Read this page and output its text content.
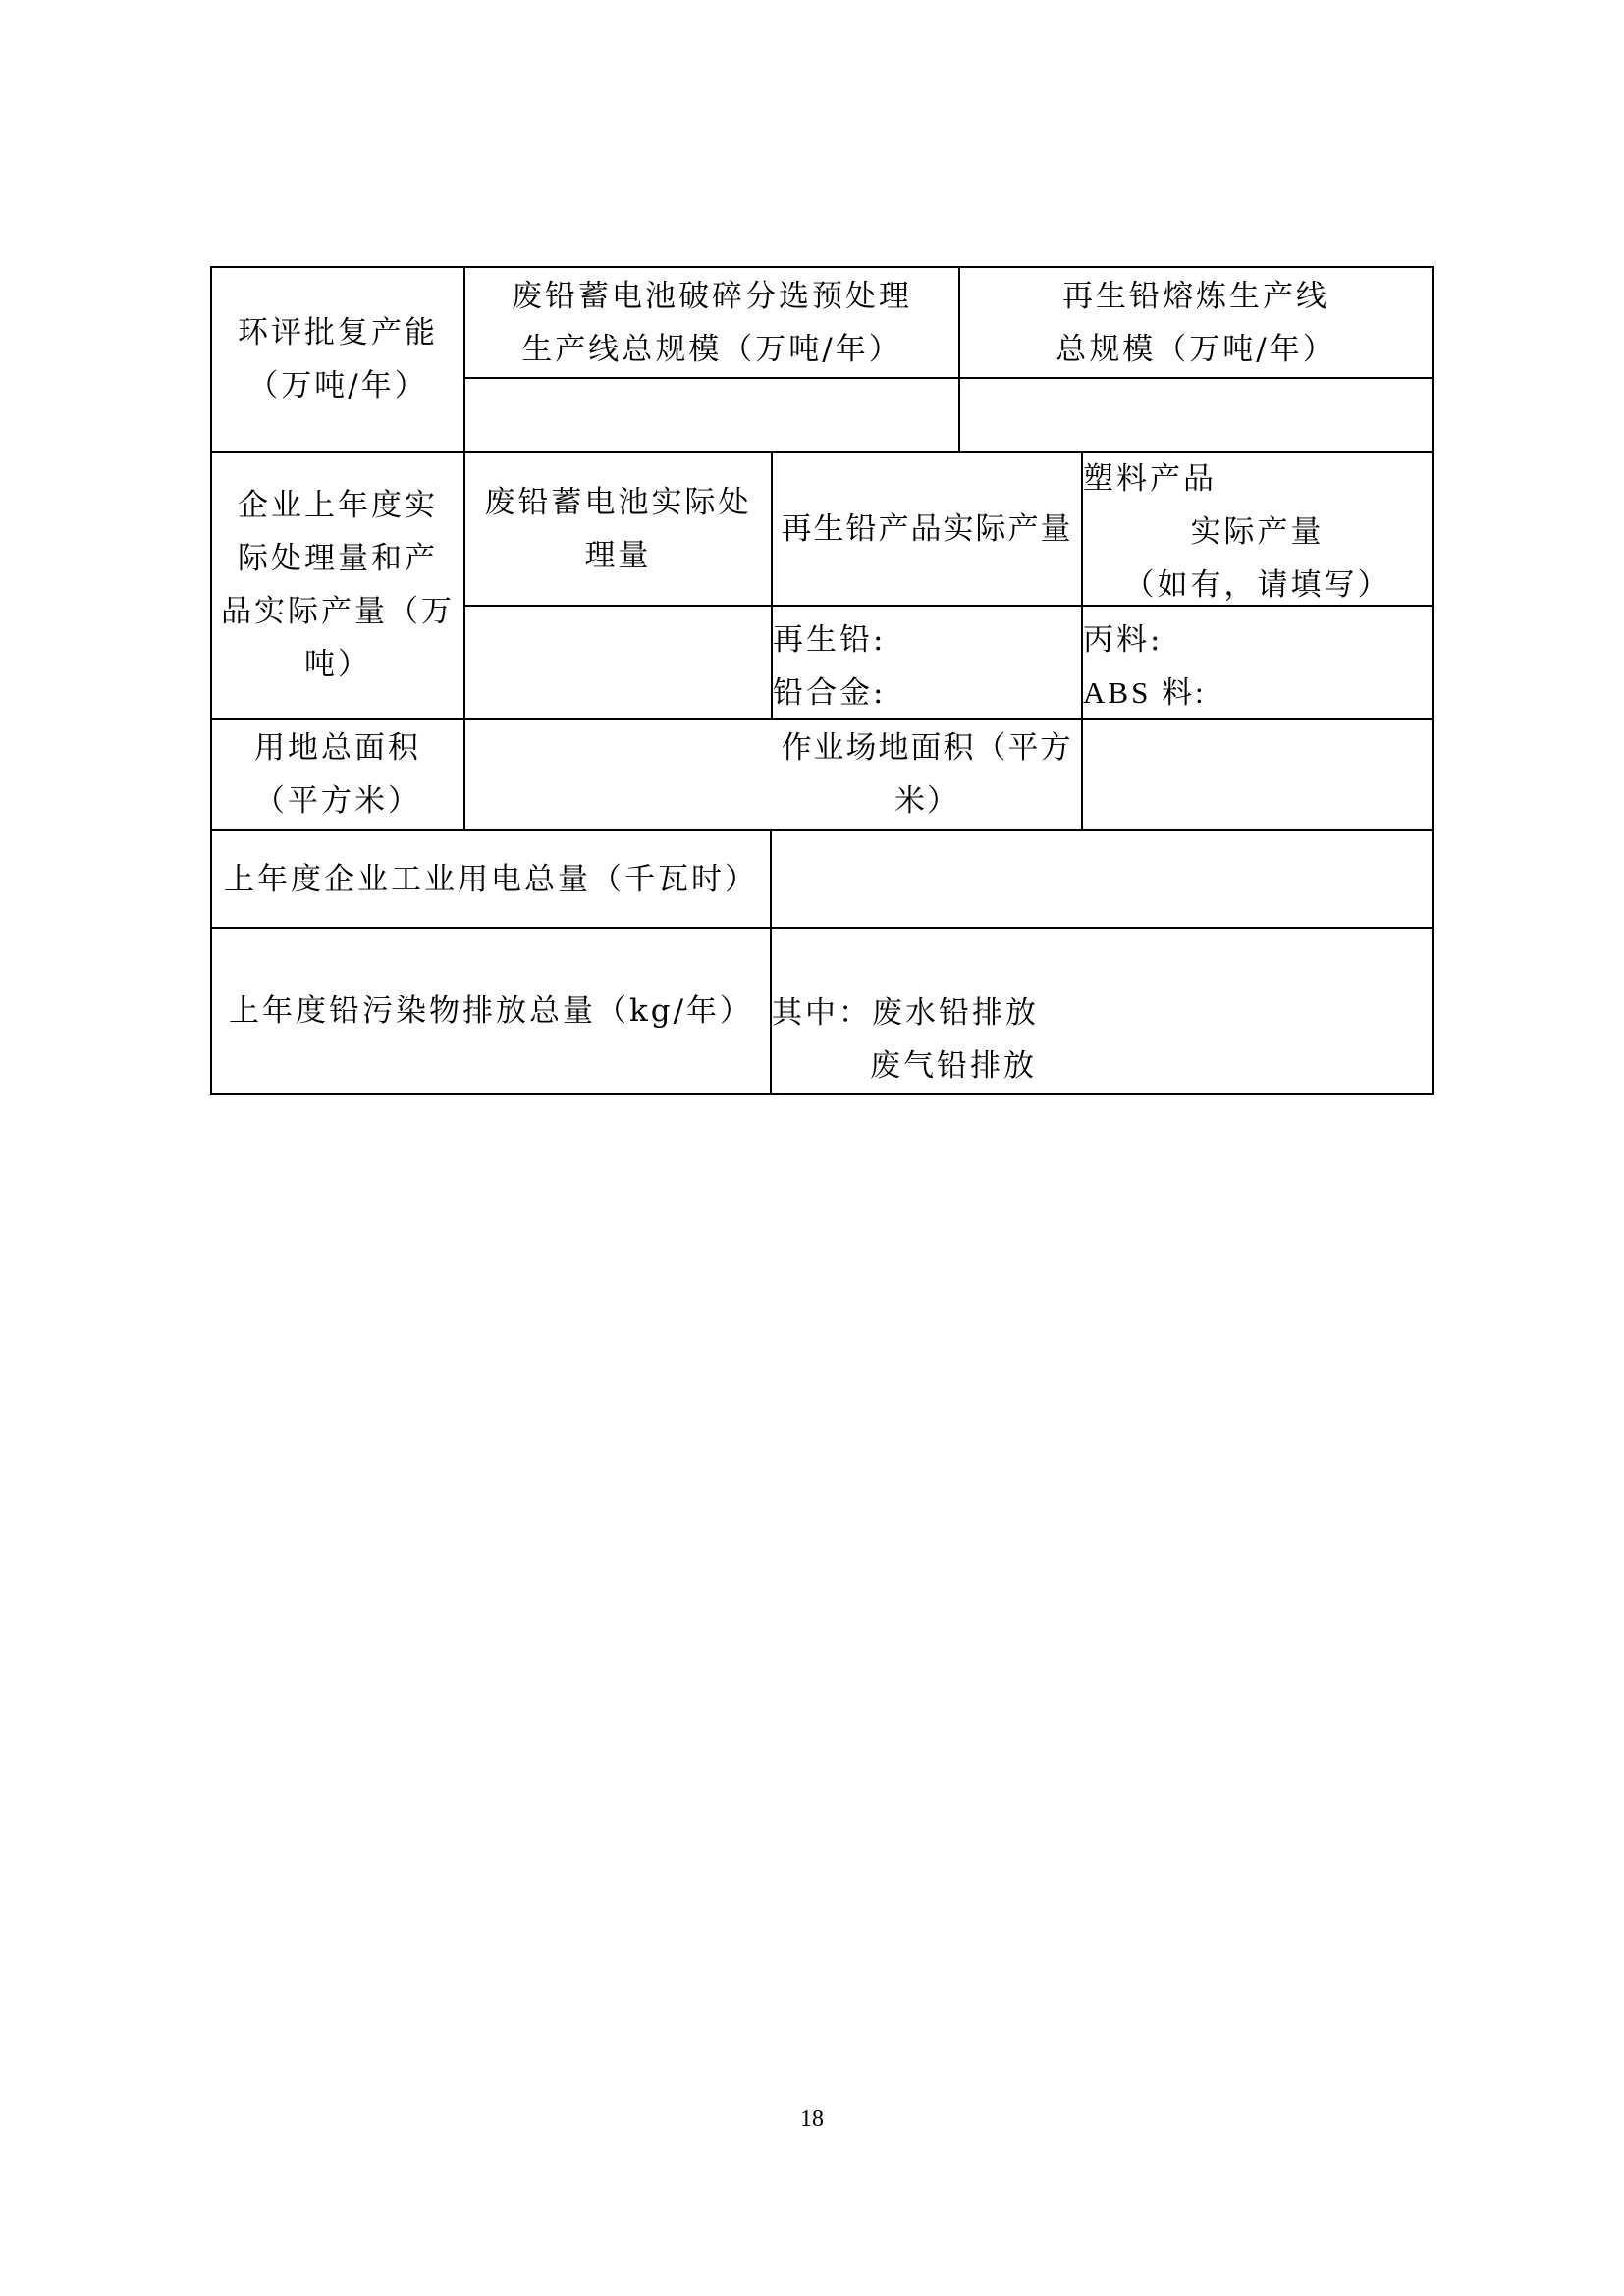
环评批复产能
（万吨/年）
废铅蓄电池破碎分选预处理
生产线总规模（万吨/年）
再生铅熔炼生产线
总规模（万吨/年）
企业上年度实
际处理量和产
品实际产量（万
吨）
废铅蓄电池实际处
理量
再生铅产品实际产量
塑料产品
实际产量
（如有，请填写）
再生铅:
铅合金:
丙料:
ABS 料:
用地总面积
（平方米）
作业场地面积（平方
米）
上年度企业工业用电总量（千瓦时）
上年度铅污染物排放总量（kg/年） 其中：废水铅排放
废气铅排放
18
